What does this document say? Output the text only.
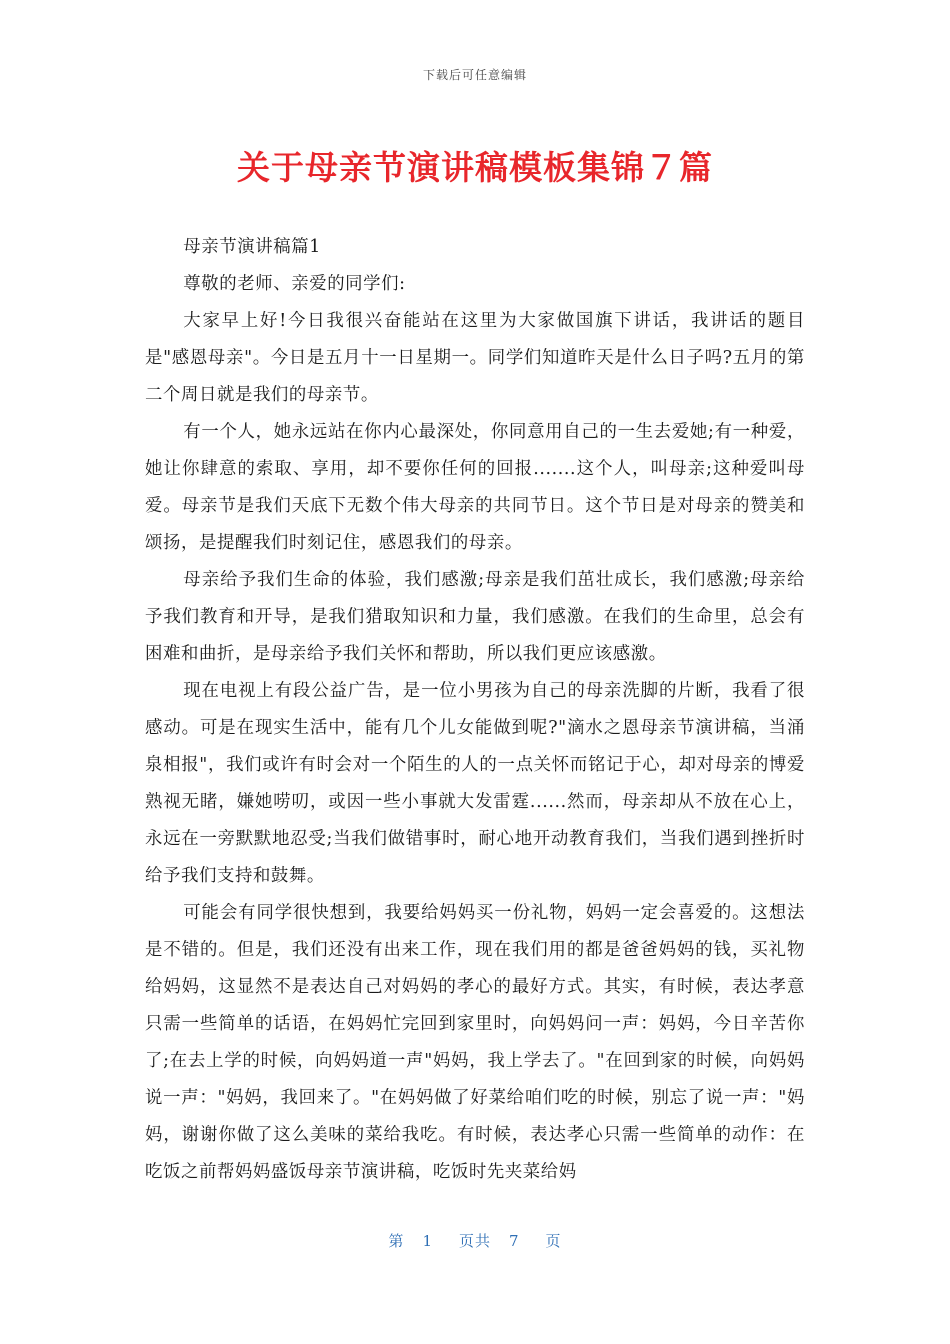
下载后可任意编辑
关于母亲节演讲稿模板集锦７篇

母亲节演讲稿篇1

尊敬的老师、亲爱的同学们:

大家早上好!今日我很兴奋能站在这里为大家做国旗下讲话，我讲话的题目是"感恩母亲"。今日是五月十一日星期一。同学们知道昨天是什么日子吗?五月的第二个周日就是我们的母亲节。

有一个人，她永远站在你内心最深处，你同意用自己的一生去爱她;有一种爱，她让你肆意的索取、享用，却不要你任何的回报.......这个人，叫母亲;这种爱叫母爱。母亲节是我们天底下无数个伟大母亲的共同节日。这个节日是对母亲的赞美和颂扬，是提醒我们时刻记住，感恩我们的母亲。

母亲给予我们生命的体验，我们感激;母亲是我们茁壮成长，我们感激;母亲给予我们教育和开导，是我们猎取知识和力量，我们感激。在我们的生命里，总会有困难和曲折，是母亲给予我们关怀和帮助，所以我们更应该感激。

现在电视上有段公益广告，是一位小男孩为自己的母亲洗脚的片断，我看了很感动。可是在现实生活中，能有几个儿女能做到呢?"滴水之恩母亲节演讲稿，当涌泉相报"，我们或许有时会对一个陌生的人的一点关怀而铭记于心，却对母亲的博爱熟视无睹，嫌她唠叨，或因一些小事就大发雷霆......然而，母亲却从不放在心上，永远在一旁默默地忍受;当我们做错事时，耐心地开动教育我们，当我们遇到挫折时给予我们支持和鼓舞。

可能会有同学很快想到，我要给妈妈买一份礼物，妈妈一定会喜爱的。这想法是不错的。但是，我们还没有出来工作，现在我们用的都是爸爸妈妈的钱，买礼物给妈妈，这显然不是表达自己对妈妈的孝心的最好方式。其实，有时候，表达孝意只需一些简单的话语，在妈妈忙完回到家里时，向妈妈问一声：妈妈，今日辛苦你了;在去上学的时候，向妈妈道一声"妈妈，我上学去了。"在回到家的时候，向妈妈说一声："妈妈，我回来了。"在妈妈做了好菜给咱们吃的时候，别忘了说一声："妈妈，谢谢你做了这么美味的菜给我吃。有时候，表达孝心只需一些简单的动作：在吃饭之前帮妈妈盛饭母亲节演讲稿，吃饭时先夹菜给妈

第 1 页共 7 页
